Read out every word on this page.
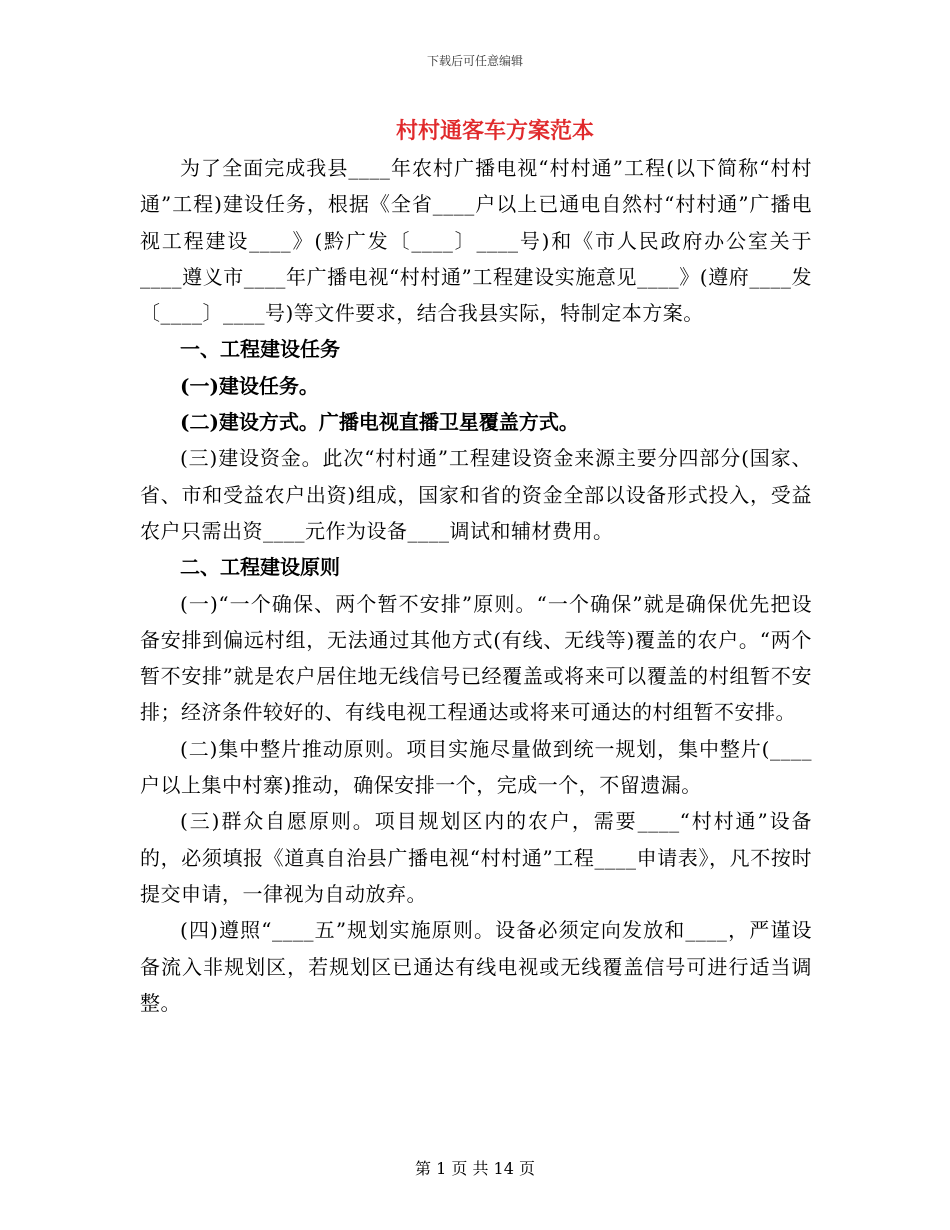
下载后可任意编辑
村村通客车方案范本

为了全面完成我县____年农村广播电视“村村通”工程(以下简称“村村通”工程)建设任务，根据《全省____户以上已通电自然村“村村通”广播电视工程建设____》(黔广发〔____〕____号)和《市人民政府办公室关于____遵义市____年广播电视“村村通”工程建设实施意见____》(遵府____发〔____〕____号)等文件要求，结合我县实际，特制定本方案。

一、工程建设任务

(一)建设任务。

(二)建设方式。广播电视直播卫星覆盖方式。

(三)建设资金。此次“村村通”工程建设资金来源主要分四部分(国家、省、市和受益农户出资)组成，国家和省的资金全部以设备形式投入，受益农户只需出资____元作为设备____调试和辅材费用。

二、工程建设原则

(一)“一个确保、两个暂不安排”原则。“一个确保”就是确保优先把设备安排到偏远村组，无法通过其他方式(有线、无线等)覆盖的农户。“两个暂不安排”就是农户居住地无线信号已经覆盖或将来可以覆盖的村组暂不安排；经济条件较好的、有线电视工程通达或将来可通达的村组暂不安排。

(二)集中整片推动原则。项目实施尽量做到统一规划，集中整片(____户以上集中村寨)推动，确保安排一个，完成一个，不留遗漏。

(三)群众自愿原则。项目规划区内的农户，需要____“村村通”设备的，必须填报《道真自治县广播电视“村村通”工程____申请表》，凡不按时提交申请，一律视为自动放弃。

(四)遵照“____五”规划实施原则。设备必须定向发放和____，严谨设备流入非规划区，若规划区已通达有线电视或无线覆盖信号可进行适当调整。

第 1 页 共 14 页
